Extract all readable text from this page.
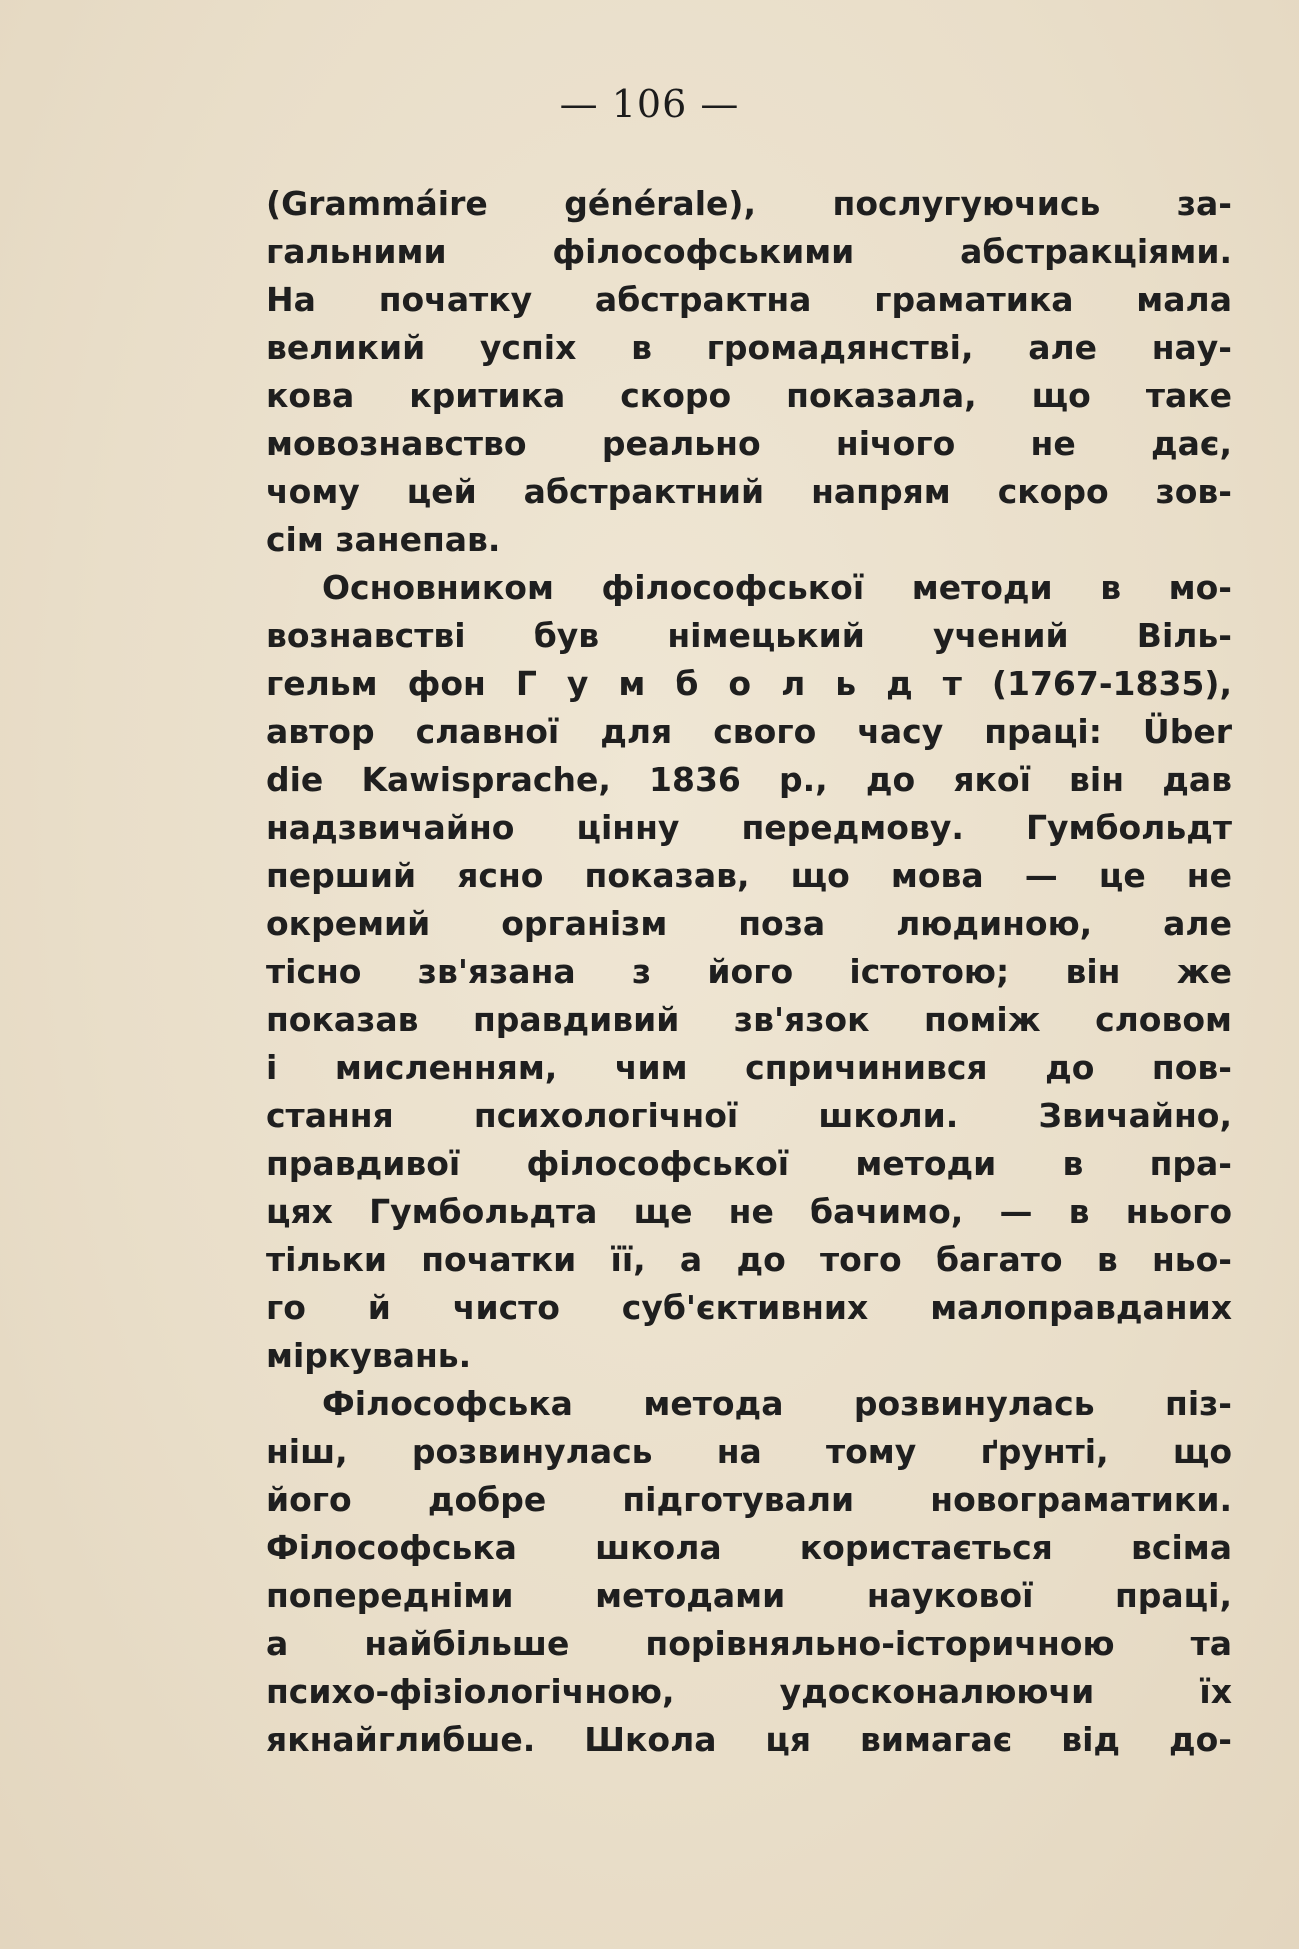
— 106 —
(Grammáire générale), послугуючись за-
гальними філософськими абстракціями.
На початку абстрактна граматика мала
великий успіх в громадянстві, але нау-
кова критика скоро показала, що таке
мовознавство реально нічого не дає,
чому цей абстрактний напрям скоро зов-
сім занепав.
Основником філософської методи в мо-
вознавстві був німецький учений Віль-
гельм фон Г у м б о л ь д т (1767-1835),
автор славної для свого часу праці: Über
die Kawisprache, 1836 р., до якої він дав
надзвичайно цінну передмову. Гумбольдт
перший ясно показав, що мова — це не
окремий організм поза людиною, але
тісно зв'язана з його істотою; він же
показав правдивий зв'язок поміж словом
і мисленням, чим спричинився до пов-
стання психологічної школи. Звичайно,
правдивої філософської методи в пра-
цях Гумбольдта ще не бачимо, — в нього
тільки початки її, а до того багато в ньо-
го й чисто суб'єктивних малоправданих
міркувань.
Філософська метода розвинулась піз-
ніш, розвинулась на тому ґрунті, що
його добре підготували новограматики.
Філософська школа користається всіма
попередніми методами наукової праці,
а найбільше порівняльно-історичною та
психо-фізіологічною, удосконалюючи їх
якнайглибше. Школа ця вимагає від до-
